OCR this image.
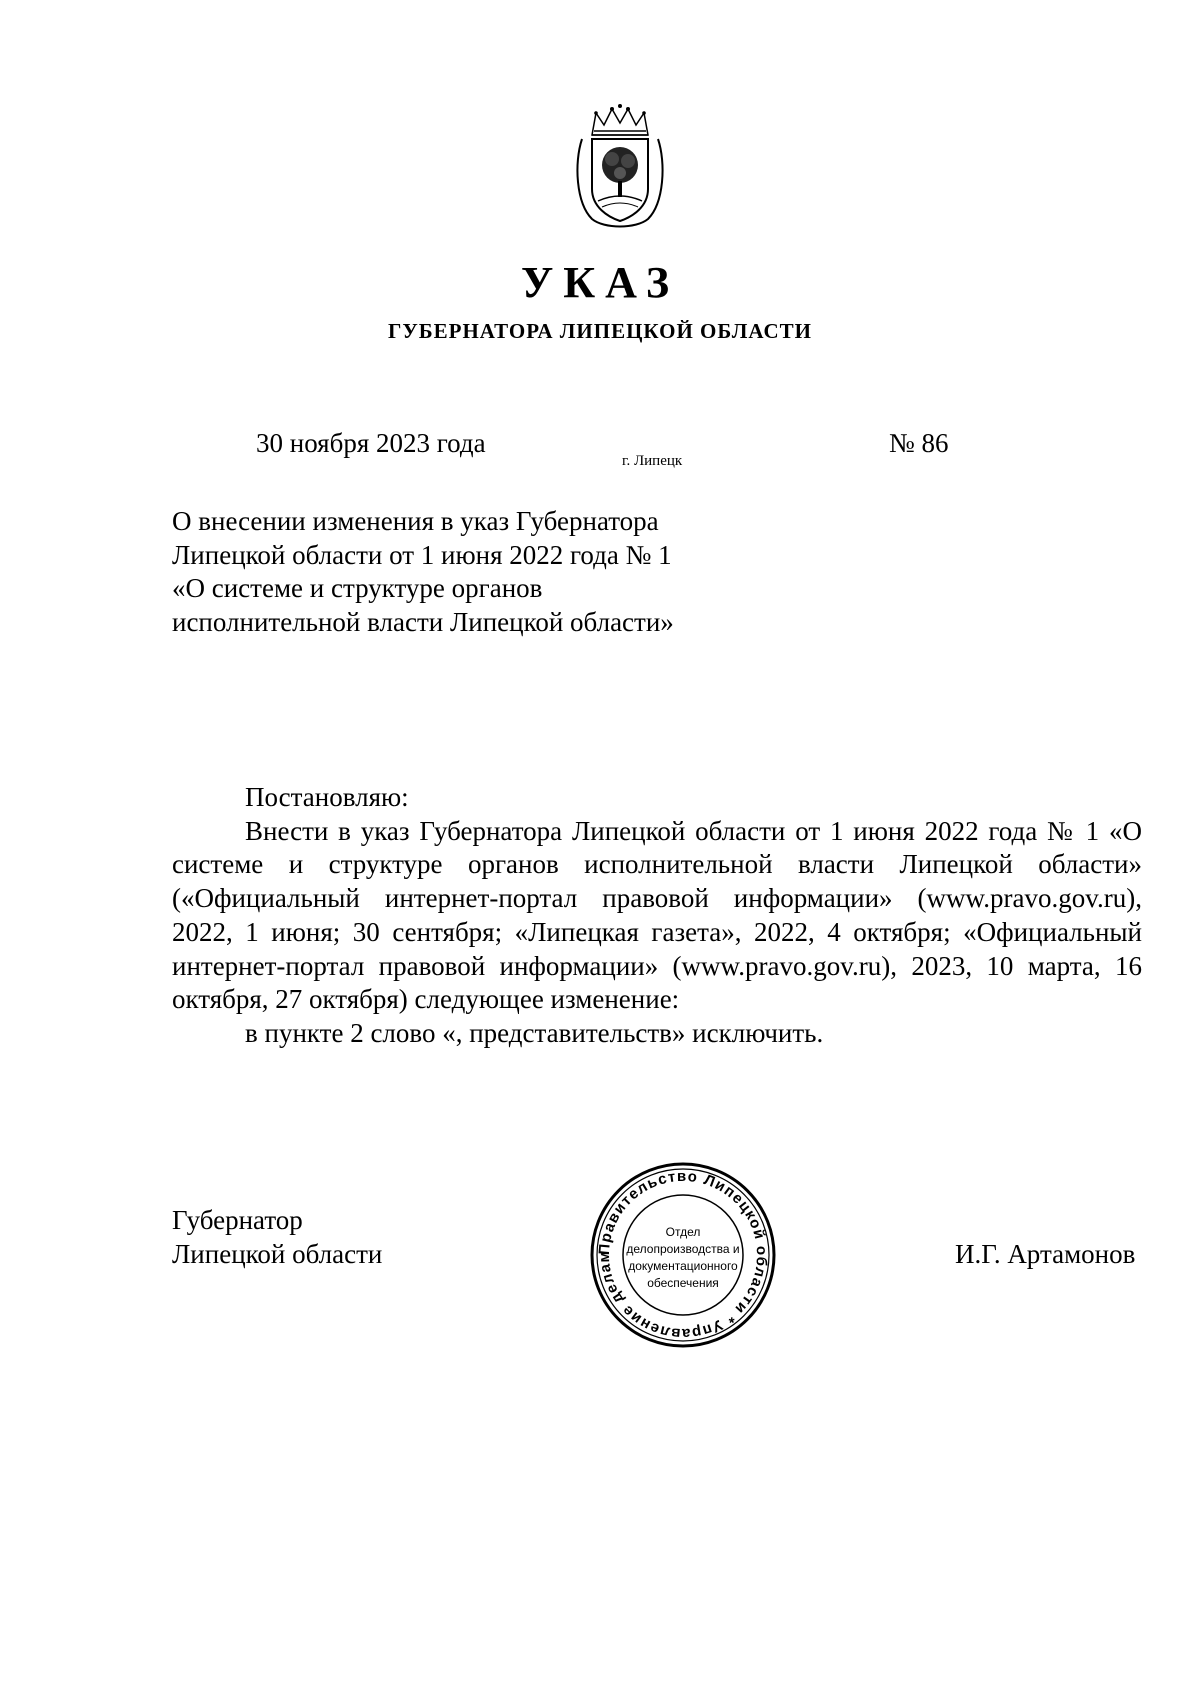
УКАЗ
ГУБЕРНАТОРА ЛИПЕЦКОЙ ОБЛАСТИ
30 ноября 2023 года
г. Липецк
№ 86
О внесении изменения в указ Губернатора
Липецкой области от 1 июня 2022 года № 1
«О системе и структуре органов
исполнительной власти Липецкой области»
Постановляю:
Внести в указ Губернатора Липецкой области от 1 июня 2022 года № 1 «О
системе и структуре органов исполнительной власти Липецкой области»
(«Официальный интернет-портал правовой информации» (www.pravo.gov.ru),
2022, 1 июня; 30 сентября; «Липецкая газета», 2022, 4 октября; «Официальный
интернет-портал правовой информации» (www.pravo.gov.ru), 2023, 10 марта, 16
октября, 27 октября) следующее изменение:
в пункте 2 слово «, представительств» исключить.
Губернатор
Липецкой области	И.Г. Артамонов
Правительство Липецкой области * Управление делам
Отдел
делопроизводства и
документационного
обеспечения
